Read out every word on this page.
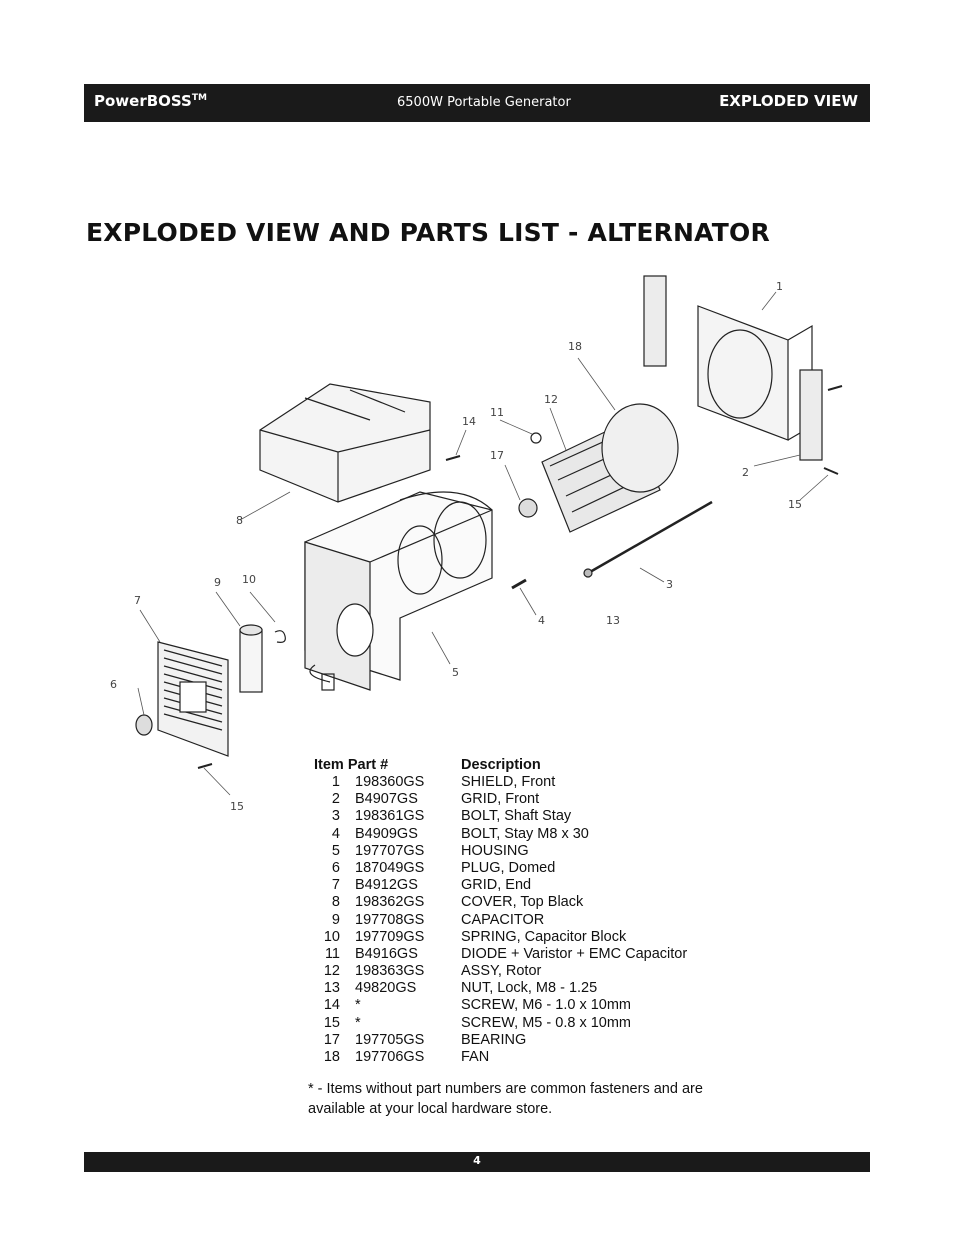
PowerBOSS™	6500W Portable Generator	EXPLODED VIEW
EXPLODED VIEW AND PARTS LIST - ALTERNATOR
1
2
3
4
5
6
7
8
9 10
11
12
13
14
15
15
17
18
Item Part #	Description
1 198360GS	SHIELD, Front
2 B4907GS	GRID, Front
3 198361GS	BOLT, Shaft Stay
4 B4909GS	BOLT, Stay M8 x 30
5 197707GS	HOUSING
6 187049GS	PLUG, Domed
7 B4912GS	GRID, End
8 198362GS	COVER, Top Black
9 197708GS	CAPACITOR
10 197709GS	SPRING, Capacitor Block
11 B4916GS	DIODE + Varistor + EMC Capacitor
12 198363GS	ASSY, Rotor
13 49820GS	NUT, Lock, M8 - 1.25
14 *	SCREW, M6 - 1.0 x 10mm
15 *	SCREW, M5 - 0.8 x 10mm
17 197705GS	BEARING
18 197706GS	FAN
* - Items without part numbers are common fasteners and are available at your local hardware store.
4
